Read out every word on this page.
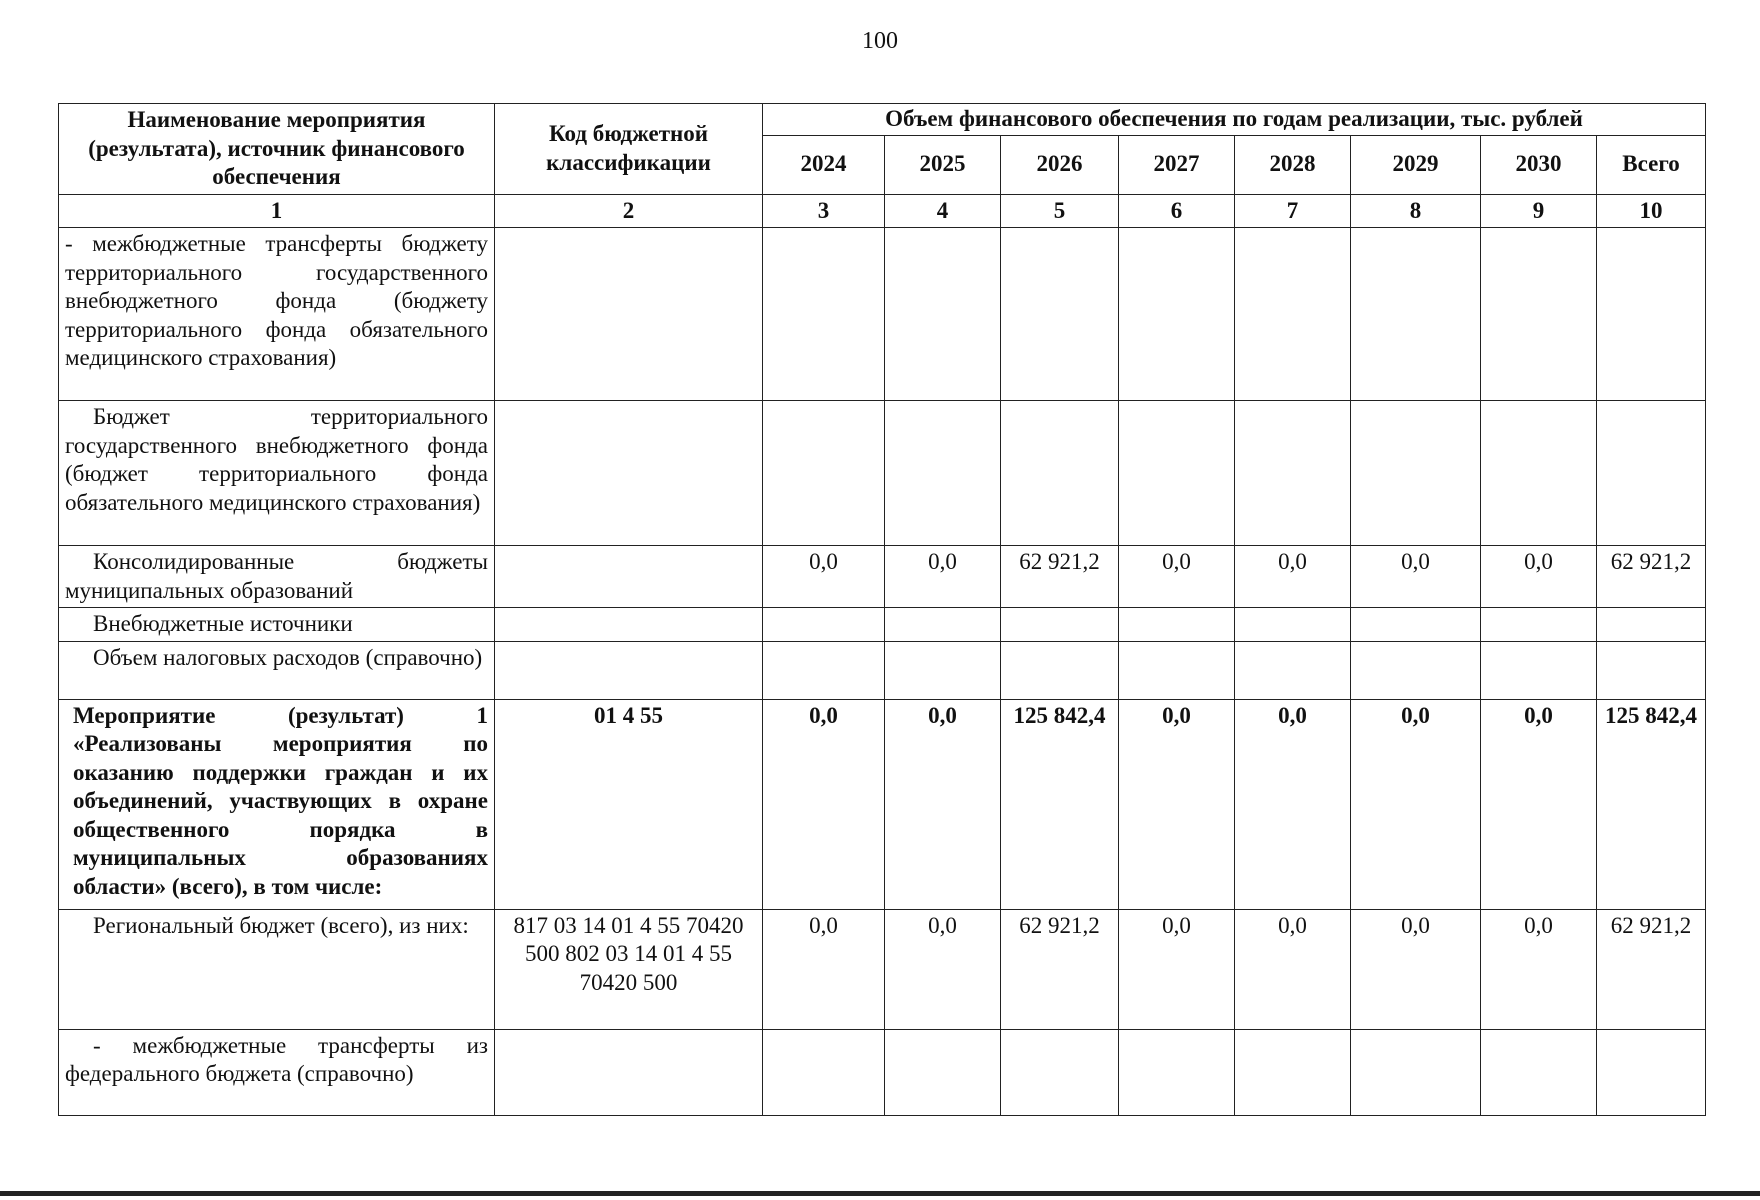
100
Наименование мероприятия (результата), источник финансового обеспечения	Код бюджетной классификации	Объем финансового обеспечения по годам реализации, тыс. рублей							
		2024	2025	2026	2027	2028	2029	2030	Всего
1	2	3	4	5	6	7	8	9	10
- межбюджетные трансферты бюджету территориального государственного внебюджетного фонда (бюджету территориального фонда обязательного медицинского страхования)									
Бюджет территориального государственного внебюджетного фонда (бюджет территориального фонда обязательного медицинского страхования)									
Консолидированные бюджеты муниципальных образований		0,0	0,0	62 921,2	0,0	0,0	0,0	0,0	62 921,2
Внебюджетные источники									
Объем налоговых расходов (справочно)									
Мероприятие (результат) 1 «Реализованы мероприятия по оказанию поддержки граждан и их объединений, участвующих в охране общественного порядка в муниципальных образованиях области» (всего), в том числе:	01 4 55	0,0	0,0	125 842,4	0,0	0,0	0,0	0,0	125 842,4
Региональный бюджет (всего), из них:	817 03 14 01 4 55 70420 500 802 03 14 01 4 55 70420 500	0,0	0,0	62 921,2	0,0	0,0	0,0	0,0	62 921,2
- межбюджетные трансферты из федерального бюджета (справочно)									
